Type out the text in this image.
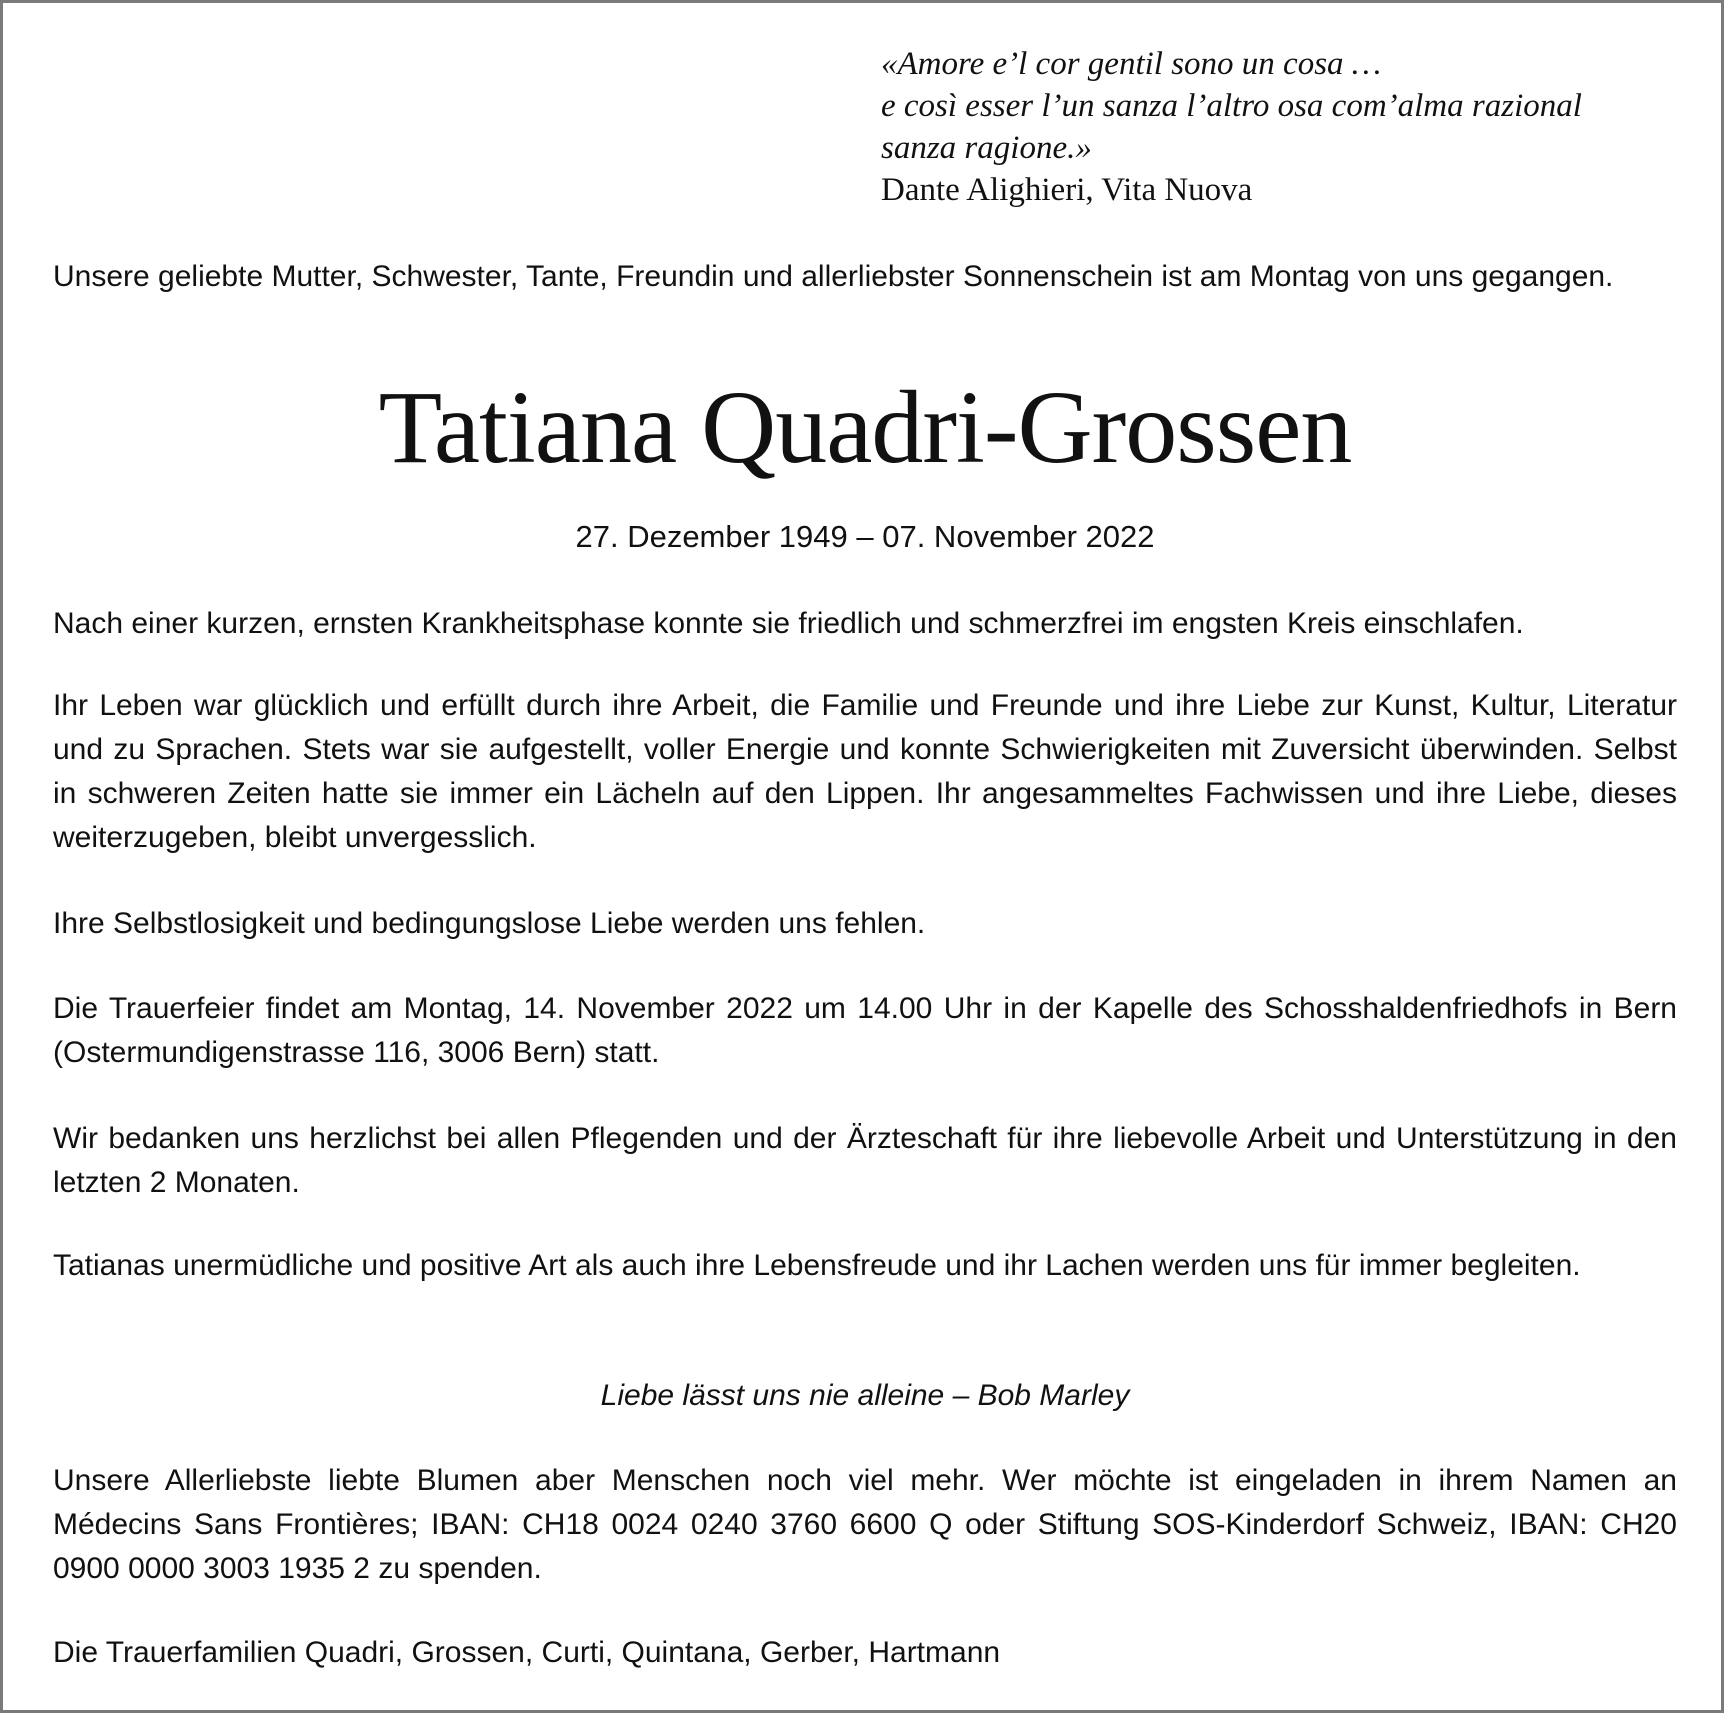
«Amore e’l cor gentil sono un cosa …
e così esser l’un sanza l’altro osa com’alma razional
sanza ragione.»
Dante Alighieri, Vita Nuova

Unsere geliebte Mutter, Schwester, Tante, Freundin und allerliebster Sonnenschein ist am Montag von uns gegangen.

Tatiana Quadri-Grossen

27. Dezember 1949 – 07. November 2022

Nach einer kurzen, ernsten Krankheitsphase konnte sie friedlich und schmerzfrei im engsten Kreis einschlafen.

Ihr Leben war glücklich und erfüllt durch ihre Arbeit, die Familie und Freunde und ihre Liebe zur Kunst, Kultur, Literatur und zu Sprachen. Stets war sie aufgestellt, voller Energie und konnte Schwierigkeiten mit Zuversicht überwinden. Selbst in schweren Zeiten hatte sie immer ein Lächeln auf den Lippen. Ihr angesammeltes Fachwissen und ihre Liebe, dieses weiterzugeben, bleibt unvergesslich.

Ihre Selbstlosigkeit und bedingungslose Liebe werden uns fehlen.

Die Trauerfeier findet am Montag, 14. November 2022 um 14.00 Uhr in der Kapelle des Schosshaldenfriedhofs in Bern (Ostermundigenstrasse 116, 3006 Bern) statt.

Wir bedanken uns herzlichst bei allen Pflegenden und der Ärzteschaft für ihre liebevolle Arbeit und Unterstützung in den letzten 2 Monaten.

Tatianas unermüdliche und positive Art als auch ihre Lebensfreude und ihr Lachen werden uns für immer begleiten.

Liebe lässt uns nie alleine – Bob Marley

Unsere Allerliebste liebte Blumen aber Menschen noch viel mehr. Wer möchte ist eingeladen in ihrem Namen an Médecins Sans Frontières; IBAN: CH18 0024 0240 3760 6600 Q oder Stiftung SOS-Kinderdorf Schweiz, IBAN: CH20 0900 0000 3003 1935 2 zu spenden.

Die Trauerfamilien Quadri, Grossen, Curti, Quintana, Gerber, Hartmann
